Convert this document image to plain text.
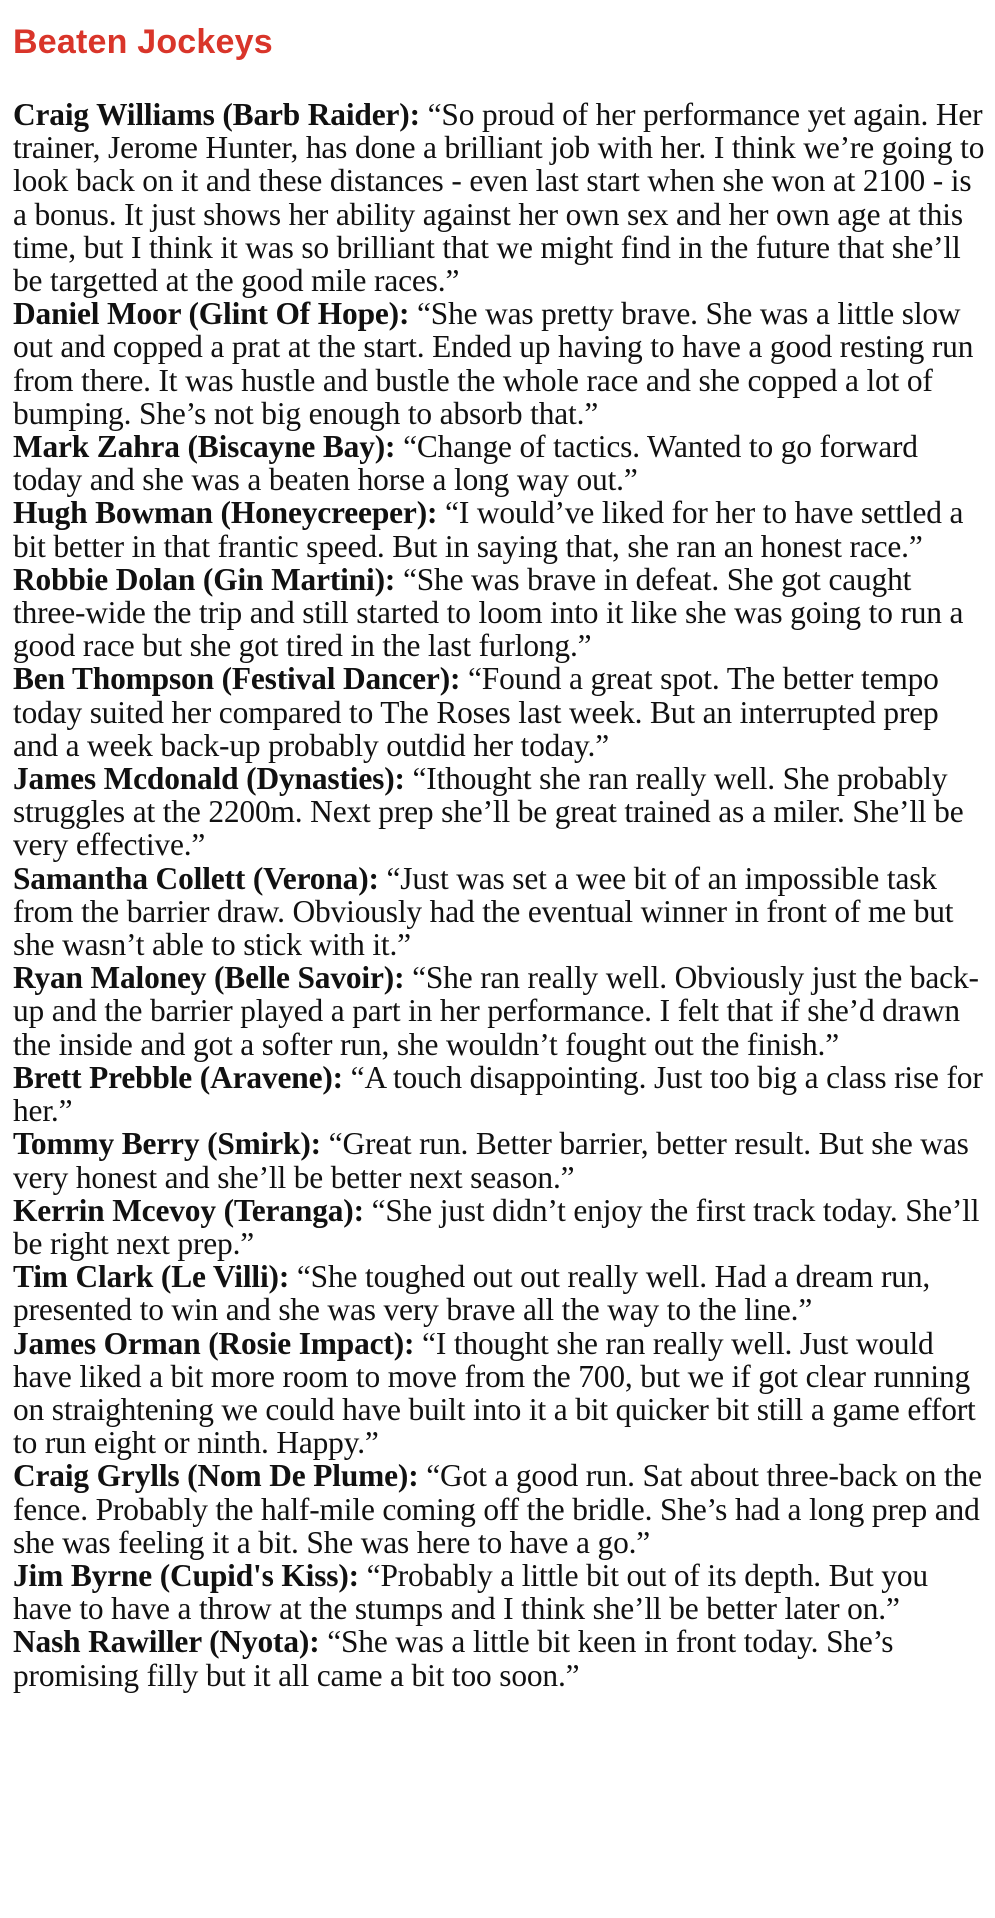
Beaten Jockeys

Craig Williams (Barb Raider): “So proud of her performance yet again. Her trainer, Jerome Hunter, has done a brilliant job with her. I think we’re going to look back on it and these distances - even last start when she won at 2100 - is a bonus. It just shows her ability against her own sex and her own age at this time, but I think it was so brilliant that we might find in the future that she’ll be targetted at the good mile races.”

Daniel Moor (Glint Of Hope): “She was pretty brave. She was a little slow out and copped a prat at the start. Ended up having to have a good resting run from there. It was hustle and bustle the whole race and she copped a lot of bumping. She’s not big enough to absorb that.”

Mark Zahra (Biscayne Bay): “Change of tactics. Wanted to go forward today and she was a beaten horse a long way out.”

Hugh Bowman (Honeycreeper): “I would’ve liked for her to have settled a bit better in that frantic speed. But in saying that, she ran an honest race.”

Robbie Dolan (Gin Martini): “She was brave in defeat. She got caught three-wide the trip and still started to loom into it like she was going to run a good race but she got tired in the last furlong.”

Ben Thompson (Festival Dancer): “Found a great spot. The better tempo today suited her compared to The Roses last week. But an interrupted prep and a week back-up probably outdid her today.”

James Mcdonald (Dynasties): “Ithought she ran really well. She probably struggles at the 2200m. Next prep she’ll be great trained as a miler. She’ll be very effective.”

Samantha Collett (Verona): “Just was set a wee bit of an impossible task from the barrier draw. Obviously had the eventual winner in front of me but she wasn’t able to stick with it.”

Ryan Maloney (Belle Savoir): “She ran really well. Obviously just the back-up and the barrier played a part in her performance. I felt that if she’d drawn the inside and got a softer run, she wouldn’t fought out the finish.”

Brett Prebble (Aravene): “A touch disappointing. Just too big a class rise for her.”

Tommy Berry (Smirk): “Great run. Better barrier, better result. But she was very honest and she’ll be better next season.”

Kerrin Mcevoy (Teranga): “She just didn’t enjoy the first track today. She’ll be right next prep.”

Tim Clark (Le Villi): “She toughed out out really well. Had a dream run, presented to win and she was very brave all the way to the line.”

James Orman (Rosie Impact): “I thought she ran really well. Just would have liked a bit more room to move from the 700, but we if got clear running on straightening we could have built into it a bit quicker bit still a game effort to run eight or ninth. Happy.”

Craig Grylls (Nom De Plume): “Got a good run. Sat about three-back on the fence. Probably the half-mile coming off the bridle. She’s had a long prep and she was feeling it a bit. She was here to have a go.”

Jim Byrne (Cupid's Kiss): “Probably a little bit out of its depth. But you have to have a throw at the stumps and I think she’ll be better later on.”

Nash Rawiller (Nyota): “She was a little bit keen in front today. She’s promising filly but it all came a bit too soon.”
